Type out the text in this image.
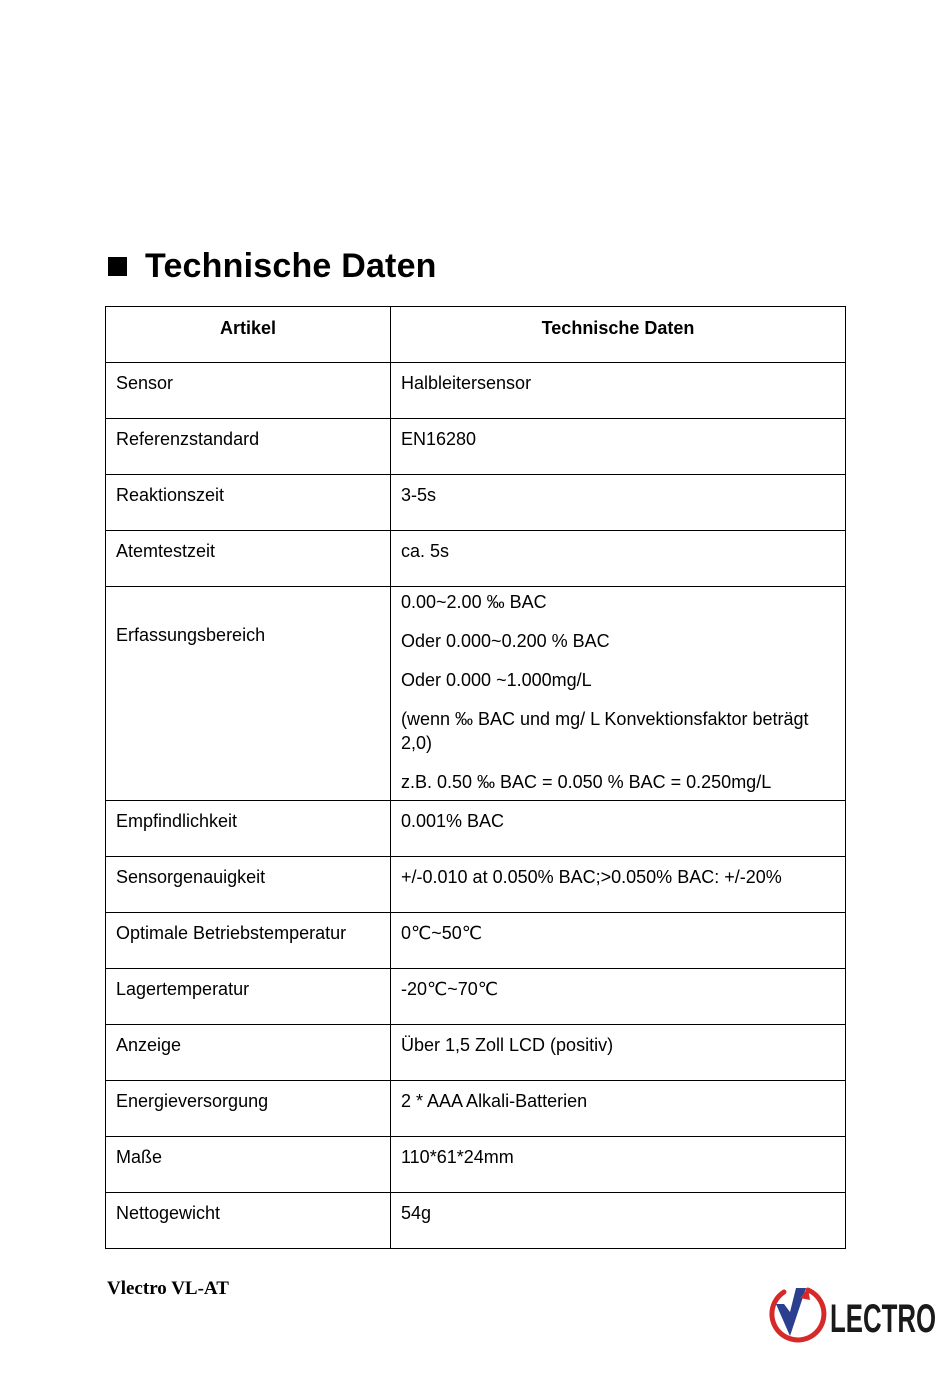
Technische Daten
Artikel	Technische Daten
Sensor	Halbleitersensor
Referenzstandard	EN16280
Reaktionszeit	3-5s
Atemtestzeit	ca. 5s
Erfassungsbereich	0.00~2.00 ‰ BAC
Oder 0.000~0.200 % BAC
Oder 0.000 ~1.000mg/L
(wenn ‰ BAC und mg/ L Konvektionsfaktor beträgt 2,0)
z.B. 0.50 ‰ BAC = 0.050 % BAC = 0.250mg/L

Empfindlichkeit	0.001% BAC
Sensorgenauigkeit	+/-0.010 at 0.050% BAC;>0.050% BAC: +/-20%
Optimale Betriebstemperatur	0℃~50℃
Lagertemperatur	-20℃~70℃
Anzeige	Über 1,5 Zoll LCD (positiv)
Energieversorgung	2 * AAA Alkali-Batterien
Maße	110*61*24mm
Nettogewicht	54g
Vlectro VL-AT
LECTRO
